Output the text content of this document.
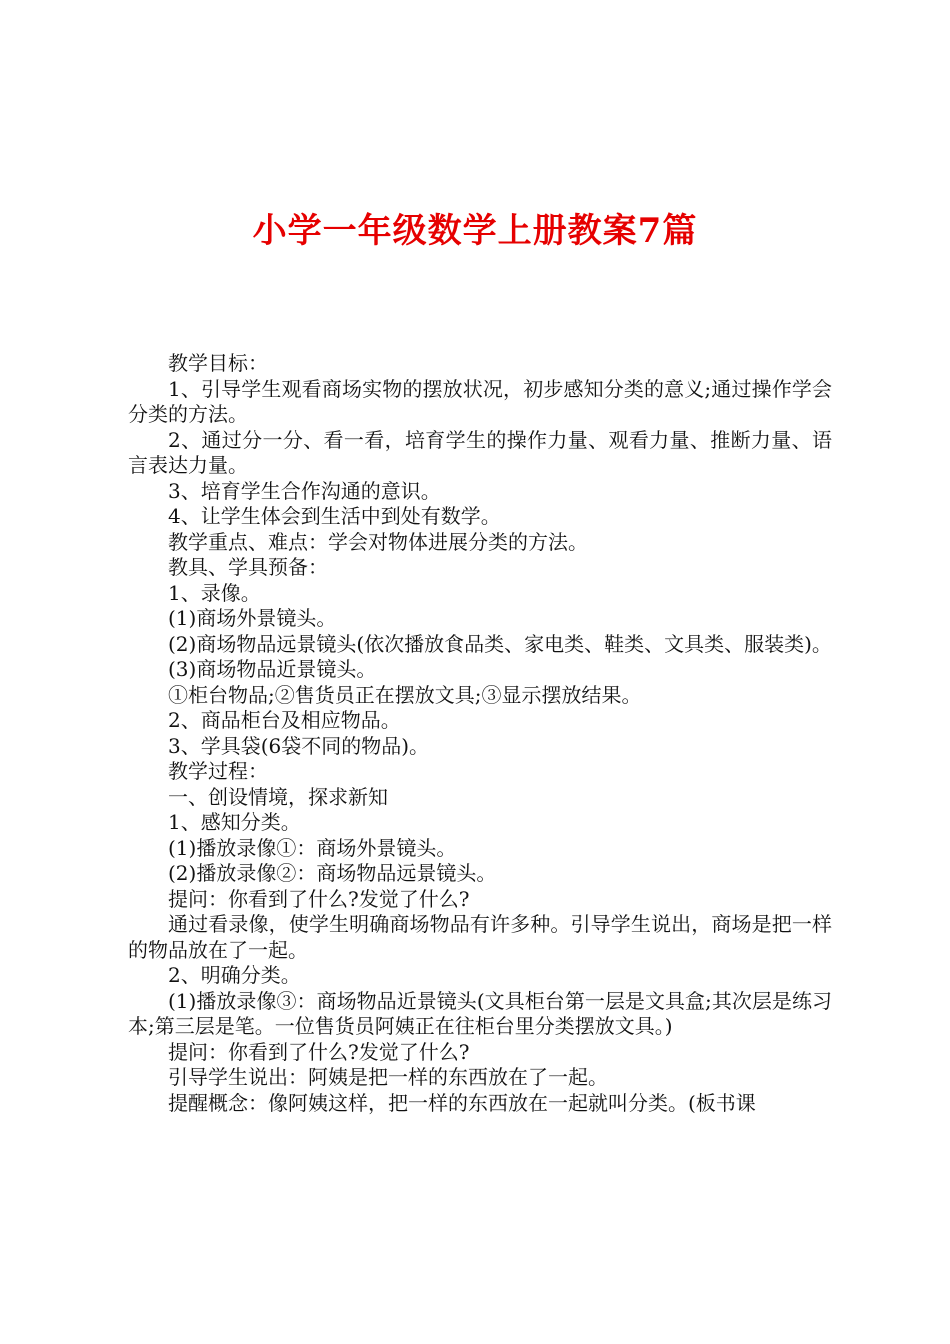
小学一年级数学上册教案7篇

教学目标：

1、引导学生观看商场实物的摆放状况，初步感知分类的意义;通过操作学会分类的方法。

2、通过分一分、看一看，培育学生的操作力量、观看力量、推断力量、语言表达力量。

3、培育学生合作沟通的意识。

4、让学生体会到生活中到处有数学。

教学重点、难点：学会对物体进展分类的方法。

教具、学具预备：

1、录像。

(1)商场外景镜头。

(2)商场物品远景镜头(依次播放食品类、家电类、鞋类、文具类、服装类)。

(3)商场物品近景镜头。

①柜台物品;②售货员正在摆放文具;③显示摆放结果。

2、商品柜台及相应物品。

3、学具袋(6袋不同的物品)。

教学过程：

一、创设情境，探求新知

1、感知分类。

(1)播放录像①：商场外景镜头。

(2)播放录像②：商场物品远景镜头。

提问：你看到了什么?发觉了什么?

通过看录像，使学生明确商场物品有许多种。引导学生说出，商场是把一样的物品放在了一起。

2、明确分类。

(1)播放录像③：商场物品近景镜头(文具柜台第一层是文具盒;其次层是练习本;第三层是笔。一位售货员阿姨正在往柜台里分类摆放文具。)

提问：你看到了什么?发觉了什么?

引导学生说出：阿姨是把一样的东西放在了一起。

提醒概念：像阿姨这样，把一样的东西放在一起就叫分类。(板书课
